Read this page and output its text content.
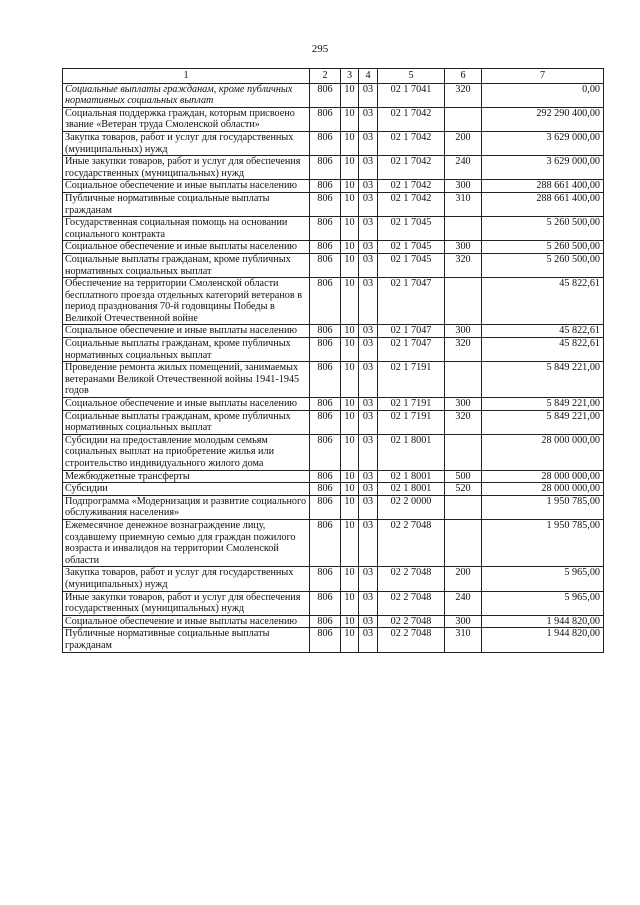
295
1	2	3	4	5	6	7
Социальные выплаты гражданам, кроме публичных нормативных социальных выплат	806	10	03	02 1 7041	320	0,00
Социальная поддержка граждан, которым присвоено звание «Ветеран труда Смоленской области»	806	10	03	02 1 7042		292 290 400,00
Закупка товаров, работ и услуг для государственных (муниципальных) нужд	806	10	03	02 1 7042	200	3 629 000,00
Иные закупки товаров, работ и услуг для обеспечения государственных (муниципальных) нужд	806	10	03	02 1 7042	240	3 629 000,00
Социальное обеспечение и иные выплаты населению	806	10	03	02 1 7042	300	288 661 400,00
Публичные нормативные социальные выплаты гражданам	806	10	03	02 1 7042	310	288 661 400,00
Государственная социальная помощь на основании социального контракта	806	10	03	02 1 7045		5 260 500,00
Социальное обеспечение и иные выплаты населению	806	10	03	02 1 7045	300	5 260 500,00
Социальные выплаты гражданам, кроме публичных нормативных социальных выплат	806	10	03	02 1 7045	320	5 260 500,00
Обеспечение на территории Смоленской области бесплатного проезда отдельных категорий ветеранов в период празднования 70-й годовщины Победы в Великой Отечественной войне	806	10	03	02 1 7047		45 822,61
Социальное обеспечение и иные выплаты населению	806	10	03	02 1 7047	300	45 822,61
Социальные выплаты гражданам, кроме публичных нормативных социальных выплат	806	10	03	02 1 7047	320	45 822,61
Проведение ремонта жилых помещений, занимаемых ветеранами Великой Отечественной войны 1941-1945 годов	806	10	03	02 1 7191		5 849 221,00
Социальное обеспечение и иные выплаты населению	806	10	03	02 1 7191	300	5 849 221,00
Социальные выплаты гражданам, кроме публичных нормативных социальных выплат	806	10	03	02 1 7191	320	5 849 221,00
Субсидии на предоставление молодым семьям социальных выплат на приобретение жилья или строительство индивидуального жилого дома	806	10	03	02 1 8001		28 000 000,00
Межбюджетные трансферты	806	10	03	02 1 8001	500	28 000 000,00
Субсидии	806	10	03	02 1 8001	520	28 000 000,00
Подпрограмма «Модернизация и развитие социального обслуживания населения»	806	10	03	02 2 0000		1 950 785,00
Ежемесячное денежное вознаграждение лицу, создавшему приемную семью для граждан пожилого возраста и инвалидов на территории Смоленской области	806	10	03	02 2 7048		1 950 785,00
Закупка товаров, работ и услуг для государственных (муниципальных) нужд	806	10	03	02 2 7048	200	5 965,00
Иные закупки товаров, работ и услуг для обеспечения государственных (муниципальных) нужд	806	10	03	02 2 7048	240	5 965,00
Социальное обеспечение и иные выплаты населению	806	10	03	02 2 7048	300	1 944 820,00
Публичные нормативные социальные выплаты гражданам	806	10	03	02 2 7048	310	1 944 820,00
